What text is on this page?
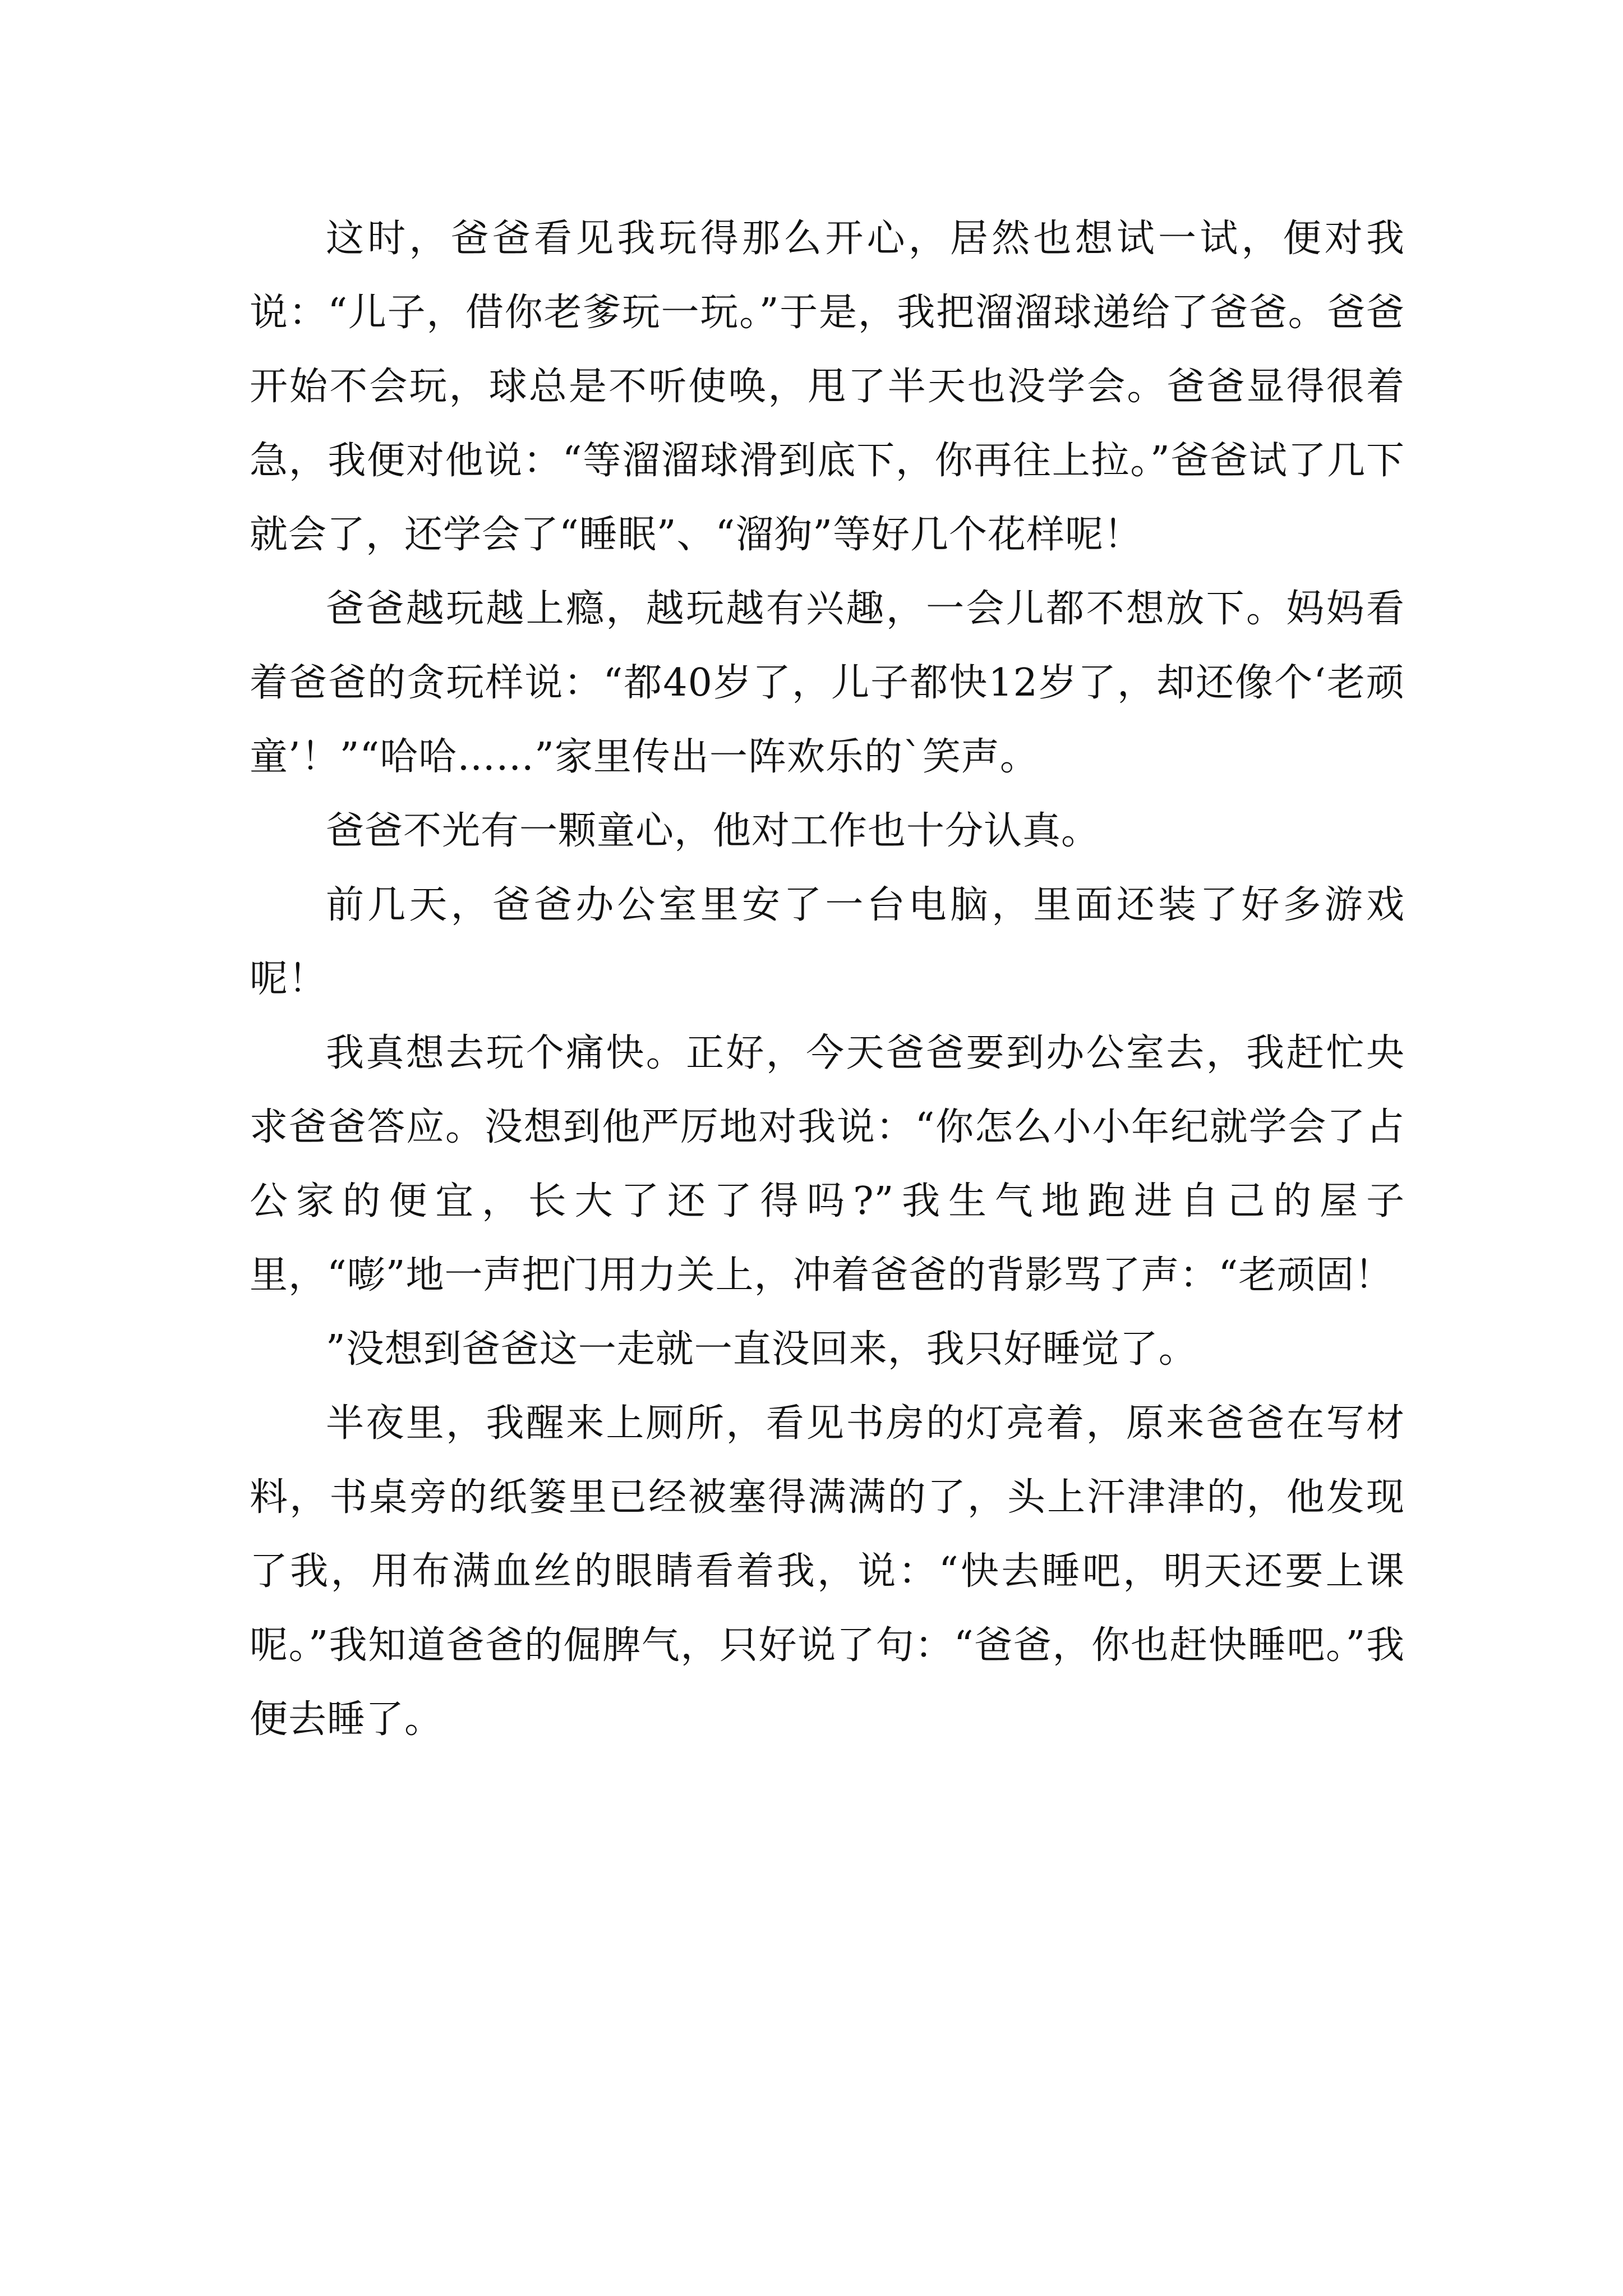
这时，爸爸看见我玩得那么开心，居然也想试一试，便对我说：“儿子，借你老爹玩一玩。”于是，我把溜溜球递给了爸爸。爸爸开始不会玩，球总是不听使唤，甩了半天也没学会。爸爸显得很着急，我便对他说：“等溜溜球滑到底下，你再往上拉。”爸爸试了几下就会了，还学会了“睡眠”、“溜狗”等好几个花样呢！

爸爸越玩越上瘾，越玩越有兴趣，一会儿都不想放下。妈妈看着爸爸的贪玩样说：“都40岁了，儿子都快12岁了，却还像个‘老顽童’！”“哈哈……”家里传出一阵欢乐的`笑声。

爸爸不光有一颗童心，他对工作也十分认真。

前几天，爸爸办公室里安了一台电脑，里面还装了好多游戏呢！

我真想去玩个痛快。正好，今天爸爸要到办公室去，我赶忙央求爸爸答应。没想到他严厉地对我说：“你怎么小小年纪就学会了占公家的便宜，长大了还了得吗?”我生气地跑进自己的屋子里，“嘭”地一声把门用力关上，冲着爸爸的背影骂了声：“老顽固！

”没想到爸爸这一走就一直没回来，我只好睡觉了。

半夜里，我醒来上厕所，看见书房的灯亮着，原来爸爸在写材料，书桌旁的纸篓里已经被塞得满满的了，头上汗津津的，他发现了我，用布满血丝的眼睛看着我，说：“快去睡吧，明天还要上课呢。”我知道爸爸的倔脾气，只好说了句：“爸爸，你也赶快睡吧。”我便去睡了。
